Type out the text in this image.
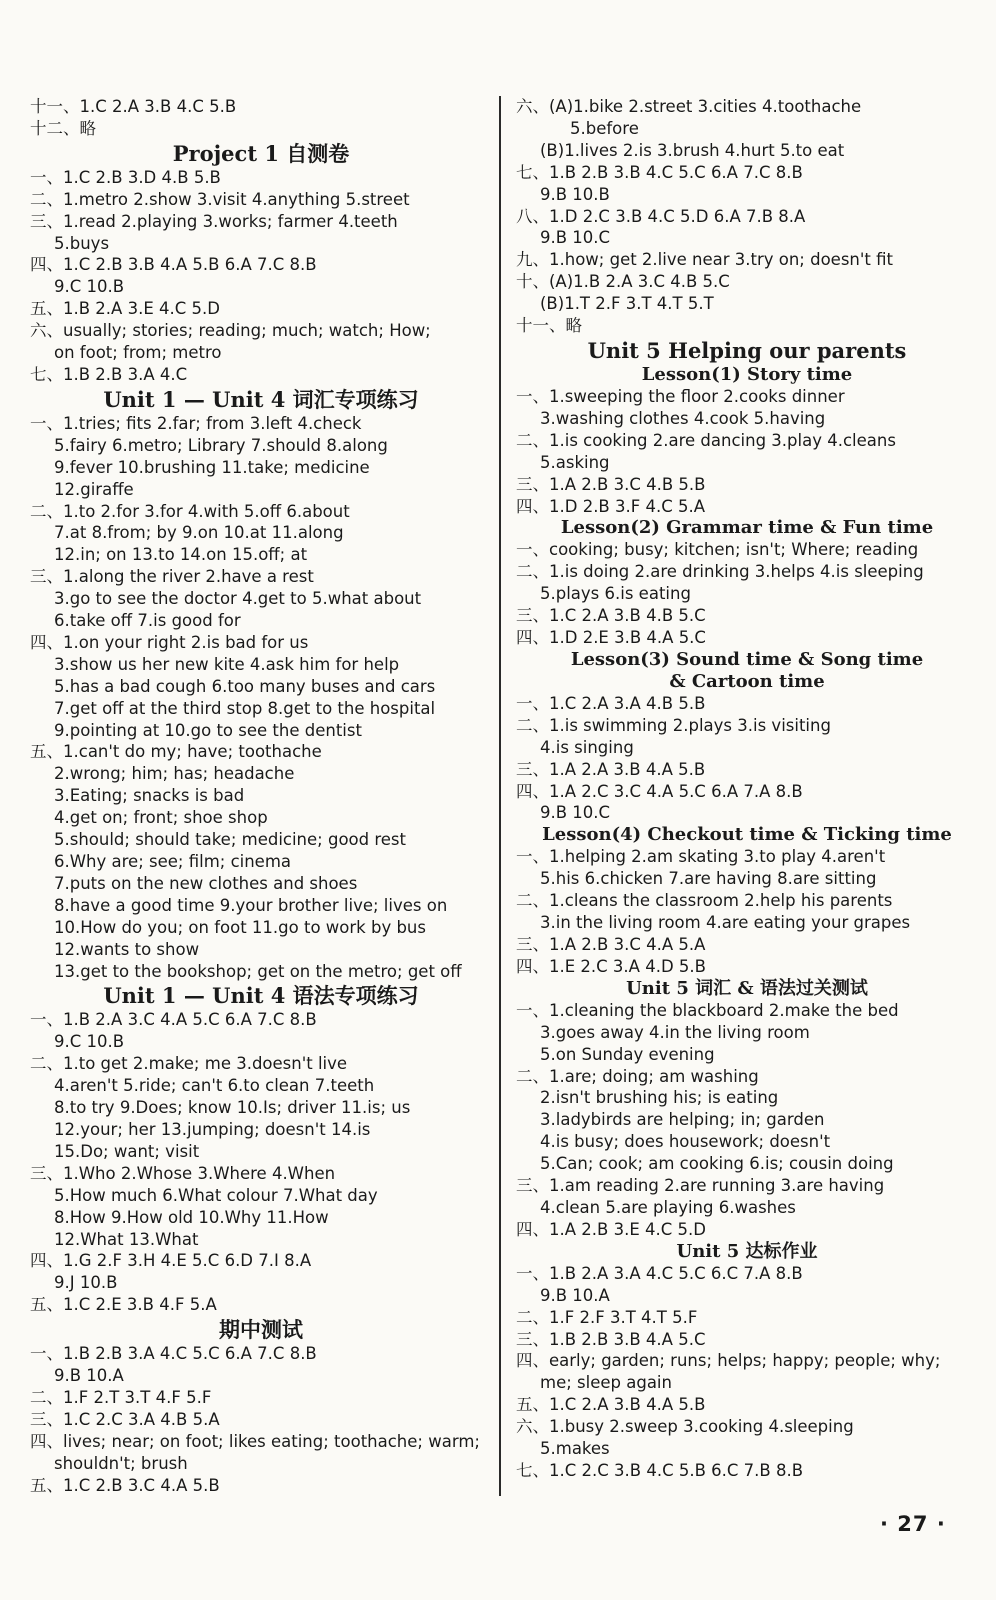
十一、1.C 2.A 3.B 4.C 5.B
十二、略
Project 1 自测卷
一、1.C 2.B 3.D 4.B 5.B
二、1.metro 2.show 3.visit 4.anything 5.street
三、1.read 2.playing 3.works; farmer 4.teeth
5.buys
四、1.C 2.B 3.B 4.A 5.B 6.A 7.C 8.B
9.C 10.B
五、1.B 2.A 3.E 4.C 5.D
六、usually; stories; reading; much; watch; How;
on foot; from; metro
七、1.B 2.B 3.A 4.C
Unit 1 — Unit 4 词汇专项练习
一、1.tries; fits 2.far; from 3.left 4.check
5.fairy 6.metro; Library 7.should 8.along
9.fever 10.brushing 11.take; medicine
12.giraffe
二、1.to 2.for 3.for 4.with 5.off 6.about
7.at 8.from; by 9.on 10.at 11.along
12.in; on 13.to 14.on 15.off; at
三、1.along the river 2.have a rest
3.go to see the doctor 4.get to 5.what about
6.take off 7.is good for
四、1.on your right 2.is bad for us
3.show us her new kite 4.ask him for help
5.has a bad cough 6.too many buses and cars
7.get off at the third stop 8.get to the hospital
9.pointing at 10.go to see the dentist
五、1.can't do my; have; toothache
2.wrong; him; has; headache
3.Eating; snacks is bad
4.get on; front; shoe shop
5.should; should take; medicine; good rest
6.Why are; see; film; cinema
7.puts on the new clothes and shoes
8.have a good time 9.your brother live; lives on
10.How do you; on foot 11.go to work by bus
12.wants to show
13.get to the bookshop; get on the metro; get off
Unit 1 — Unit 4 语法专项练习
一、1.B 2.A 3.C 4.A 5.C 6.A 7.C 8.B
9.C 10.B
二、1.to get 2.make; me 3.doesn't live
4.aren't 5.ride; can't 6.to clean 7.teeth
8.to try 9.Does; know 10.Is; driver 11.is; us
12.your; her 13.jumping; doesn't 14.is
15.Do; want; visit
三、1.Who 2.Whose 3.Where 4.When
5.How much 6.What colour 7.What day
8.How 9.How old 10.Why 11.How
12.What 13.What
四、1.G 2.F 3.H 4.E 5.C 6.D 7.I 8.A
9.J 10.B
五、1.C 2.E 3.B 4.F 5.A
期中测试
一、1.B 2.B 3.A 4.C 5.C 6.A 7.C 8.B
9.B 10.A
二、1.F 2.T 3.T 4.F 5.F
三、1.C 2.C 3.A 4.B 5.A
四、lives; near; on foot; likes eating; toothache; warm;
shouldn't; brush
五、1.C 2.B 3.C 4.A 5.B
六、(A)1.bike 2.street 3.cities 4.toothache
5.before
(B)1.lives 2.is 3.brush 4.hurt 5.to eat
七、1.B 2.B 3.B 4.C 5.C 6.A 7.C 8.B
9.B 10.B
八、1.D 2.C 3.B 4.C 5.D 6.A 7.B 8.A
9.B 10.C
九、1.how; get 2.live near 3.try on; doesn't fit
十、(A)1.B 2.A 3.C 4.B 5.C
(B)1.T 2.F 3.T 4.T 5.T
十一、略
Unit 5 Helping our parents
Lesson(1) Story time
一、1.sweeping the floor 2.cooks dinner
3.washing clothes 4.cook 5.having
二、1.is cooking 2.are dancing 3.play 4.cleans
5.asking
三、1.A 2.B 3.C 4.B 5.B
四、1.D 2.B 3.F 4.C 5.A
Lesson(2) Grammar time & Fun time
一、cooking; busy; kitchen; isn't; Where; reading
二、1.is doing 2.are drinking 3.helps 4.is sleeping
5.plays 6.is eating
三、1.C 2.A 3.B 4.B 5.C
四、1.D 2.E 3.B 4.A 5.C
Lesson(3) Sound time & Song time
& Cartoon time
一、1.C 2.A 3.A 4.B 5.B
二、1.is swimming 2.plays 3.is visiting
4.is singing
三、1.A 2.A 3.B 4.A 5.B
四、1.A 2.C 3.C 4.A 5.C 6.A 7.A 8.B
9.B 10.C
Lesson(4) Checkout time & Ticking time
一、1.helping 2.am skating 3.to play 4.aren't
5.his 6.chicken 7.are having 8.are sitting
二、1.cleans the classroom 2.help his parents
3.in the living room 4.are eating your grapes
三、1.A 2.B 3.C 4.A 5.A
四、1.E 2.C 3.A 4.D 5.B
Unit 5 词汇 & 语法过关测试
一、1.cleaning the blackboard 2.make the bed
3.goes away 4.in the living room
5.on Sunday evening
二、1.are; doing; am washing
2.isn't brushing his; is eating
3.ladybirds are helping; in; garden
4.is busy; does housework; doesn't
5.Can; cook; am cooking 6.is; cousin doing
三、1.am reading 2.are running 3.are having
4.clean 5.are playing 6.washes
四、1.A 2.B 3.E 4.C 5.D
Unit 5 达标作业
一、1.B 2.A 3.A 4.C 5.C 6.C 7.A 8.B
9.B 10.A
二、1.F 2.F 3.T 4.T 5.F
三、1.B 2.B 3.B 4.A 5.C
四、early; garden; runs; helps; happy; people; why;
me; sleep again
五、1.C 2.A 3.B 4.A 5.B
六、1.busy 2.sweep 3.cooking 4.sleeping
5.makes
七、1.C 2.C 3.B 4.C 5.B 6.C 7.B 8.B
· 27 ·
